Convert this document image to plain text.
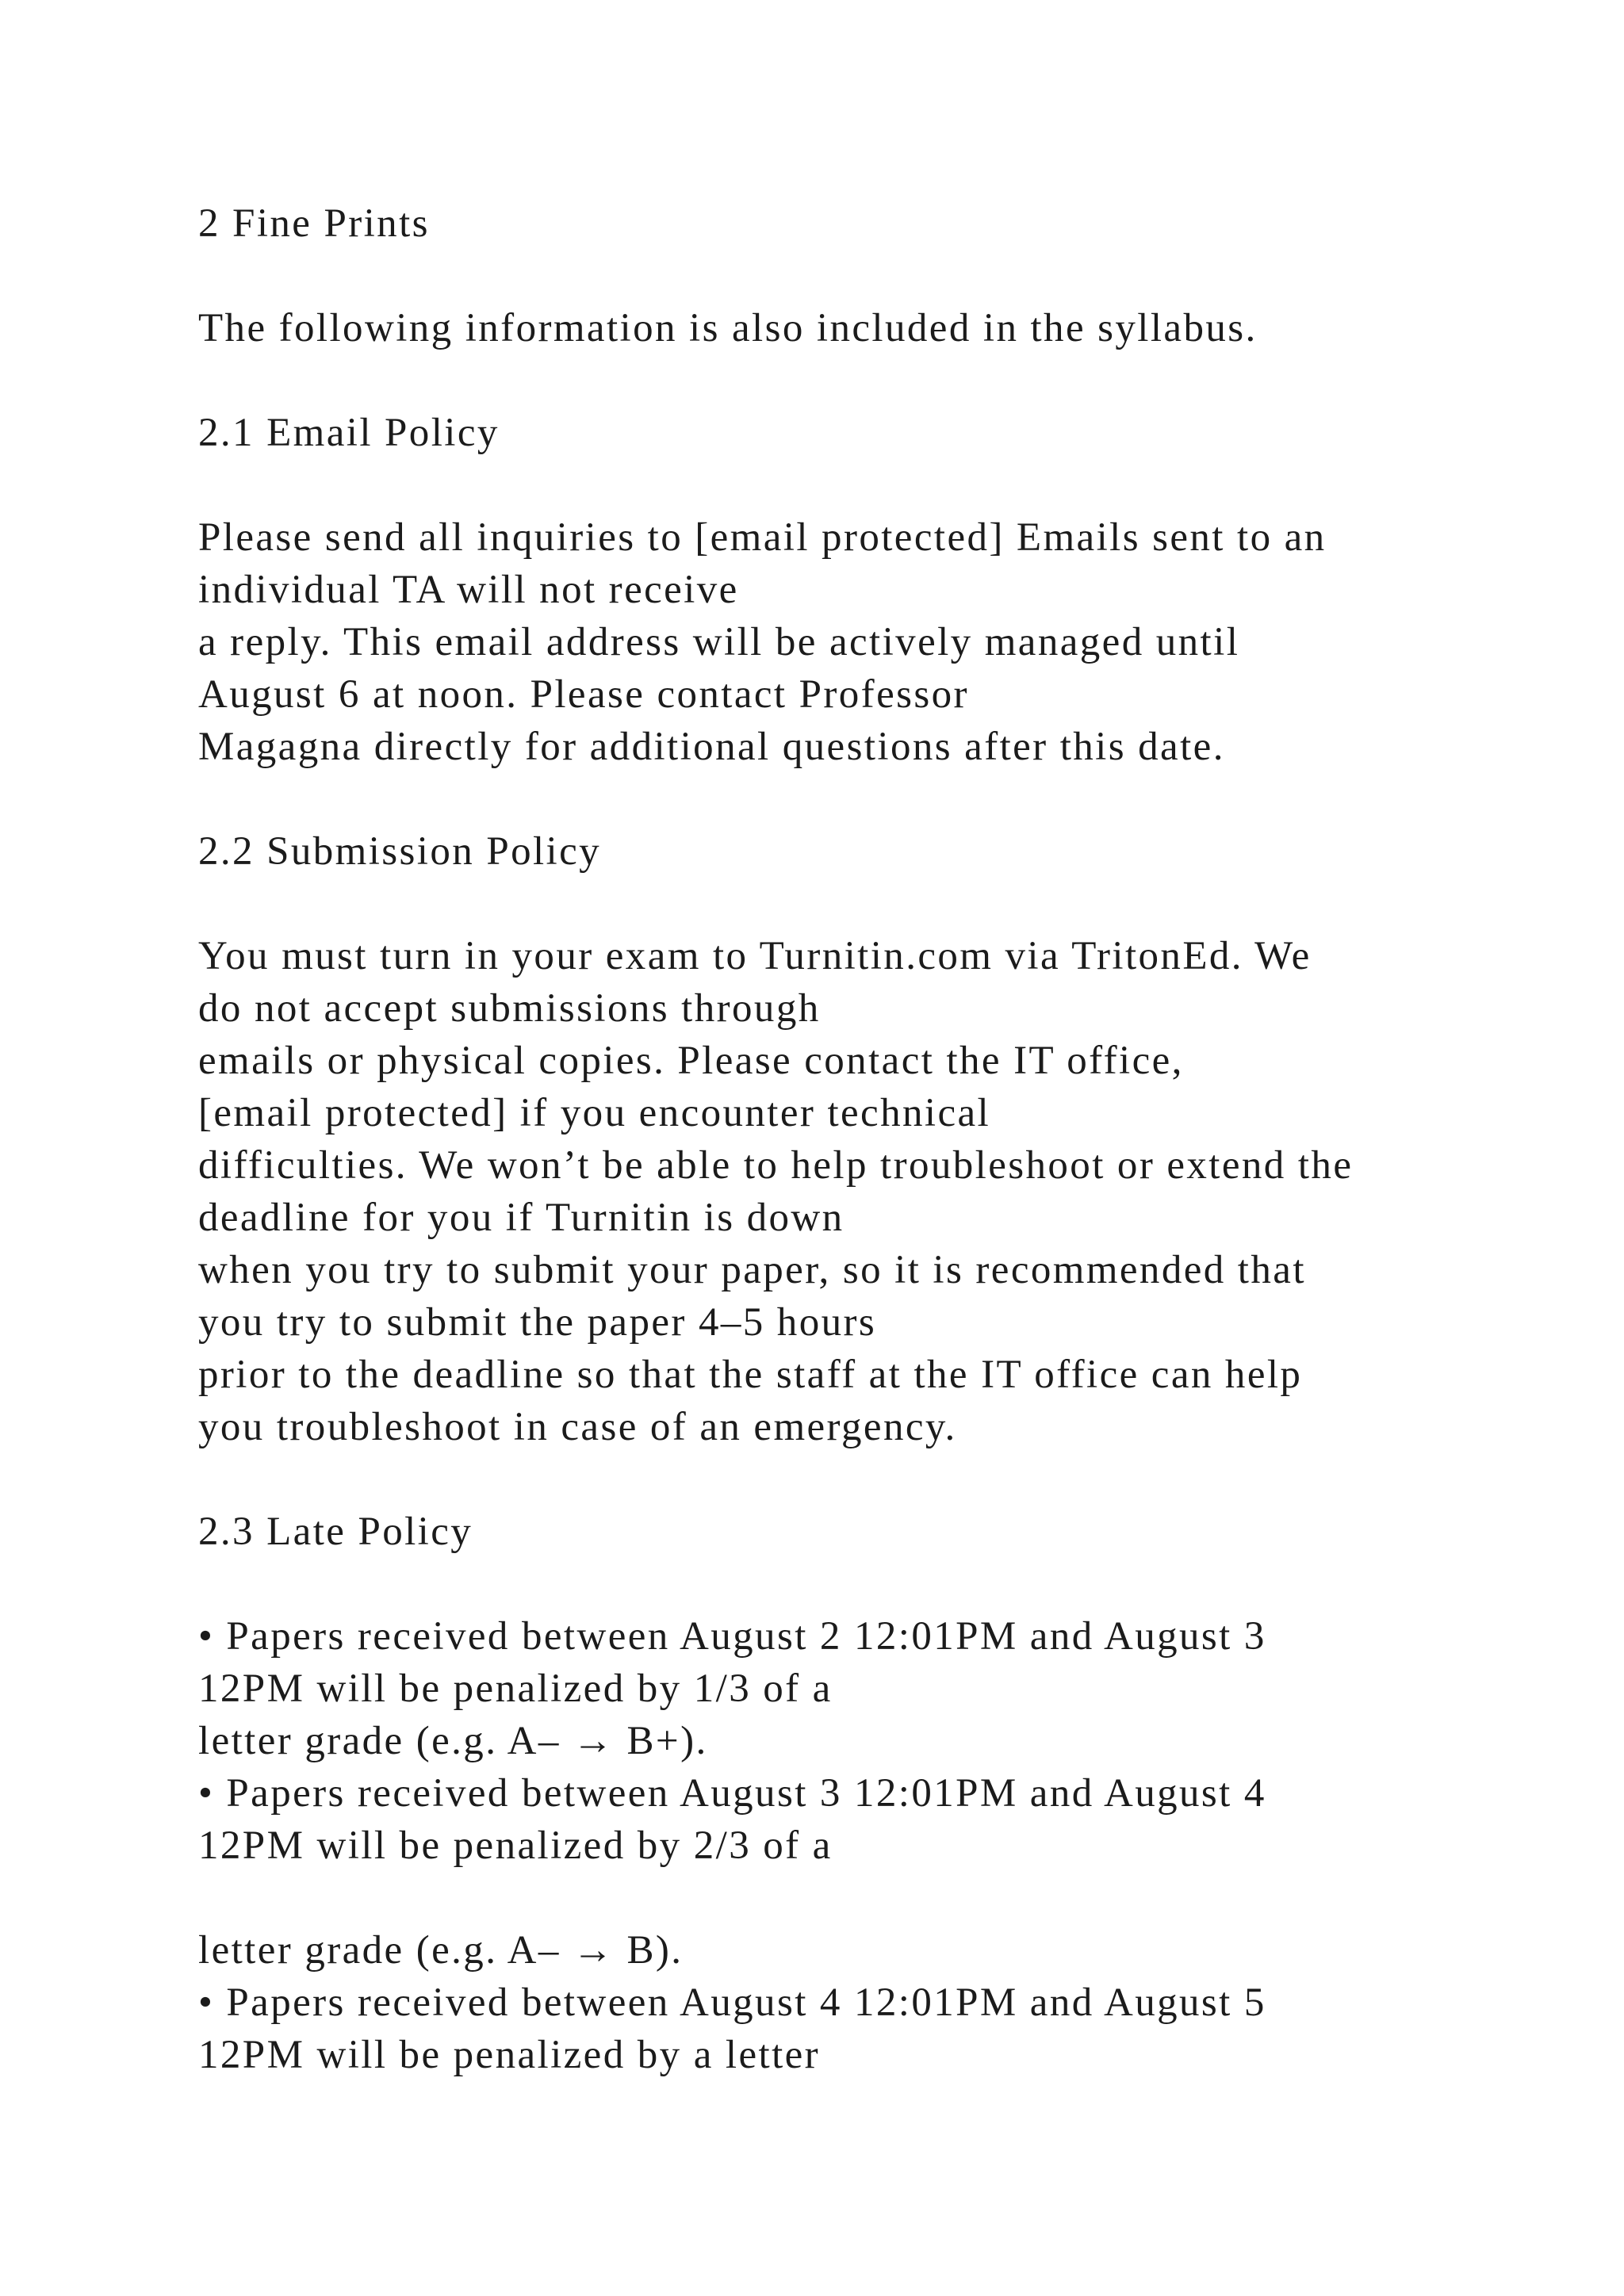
2 Fine Prints

The following information is also included in the syllabus.

2.1 Email Policy

Please send all inquiries to [email protected] Emails sent to an

individual TA will not receive

a reply. This email address will be actively managed until

August 6 at noon. Please contact Professor

Magagna directly for additional questions after this date.

2.2 Submission Policy

You must turn in your exam to Turnitin.com via TritonEd. We

do not accept submissions through

emails or physical copies. Please contact the IT office,

[email protected] if you encounter technical

difficulties. We won’t be able to help troubleshoot or extend the

deadline for you if Turnitin is down

when you try to submit your paper, so it is recommended that

you try to submit the paper 4–5 hours

prior to the deadline so that the staff at the IT office can help

you troubleshoot in case of an emergency.

2.3 Late Policy

• Papers received between August 2 12:01PM and August 3

12PM will be penalized by 1/3 of a

letter grade (e.g. A– → B+).

• Papers received between August 3 12:01PM and August 4

12PM will be penalized by 2/3 of a

letter grade (e.g. A– → B).

• Papers received between August 4 12:01PM and August 5

12PM will be penalized by a letter
